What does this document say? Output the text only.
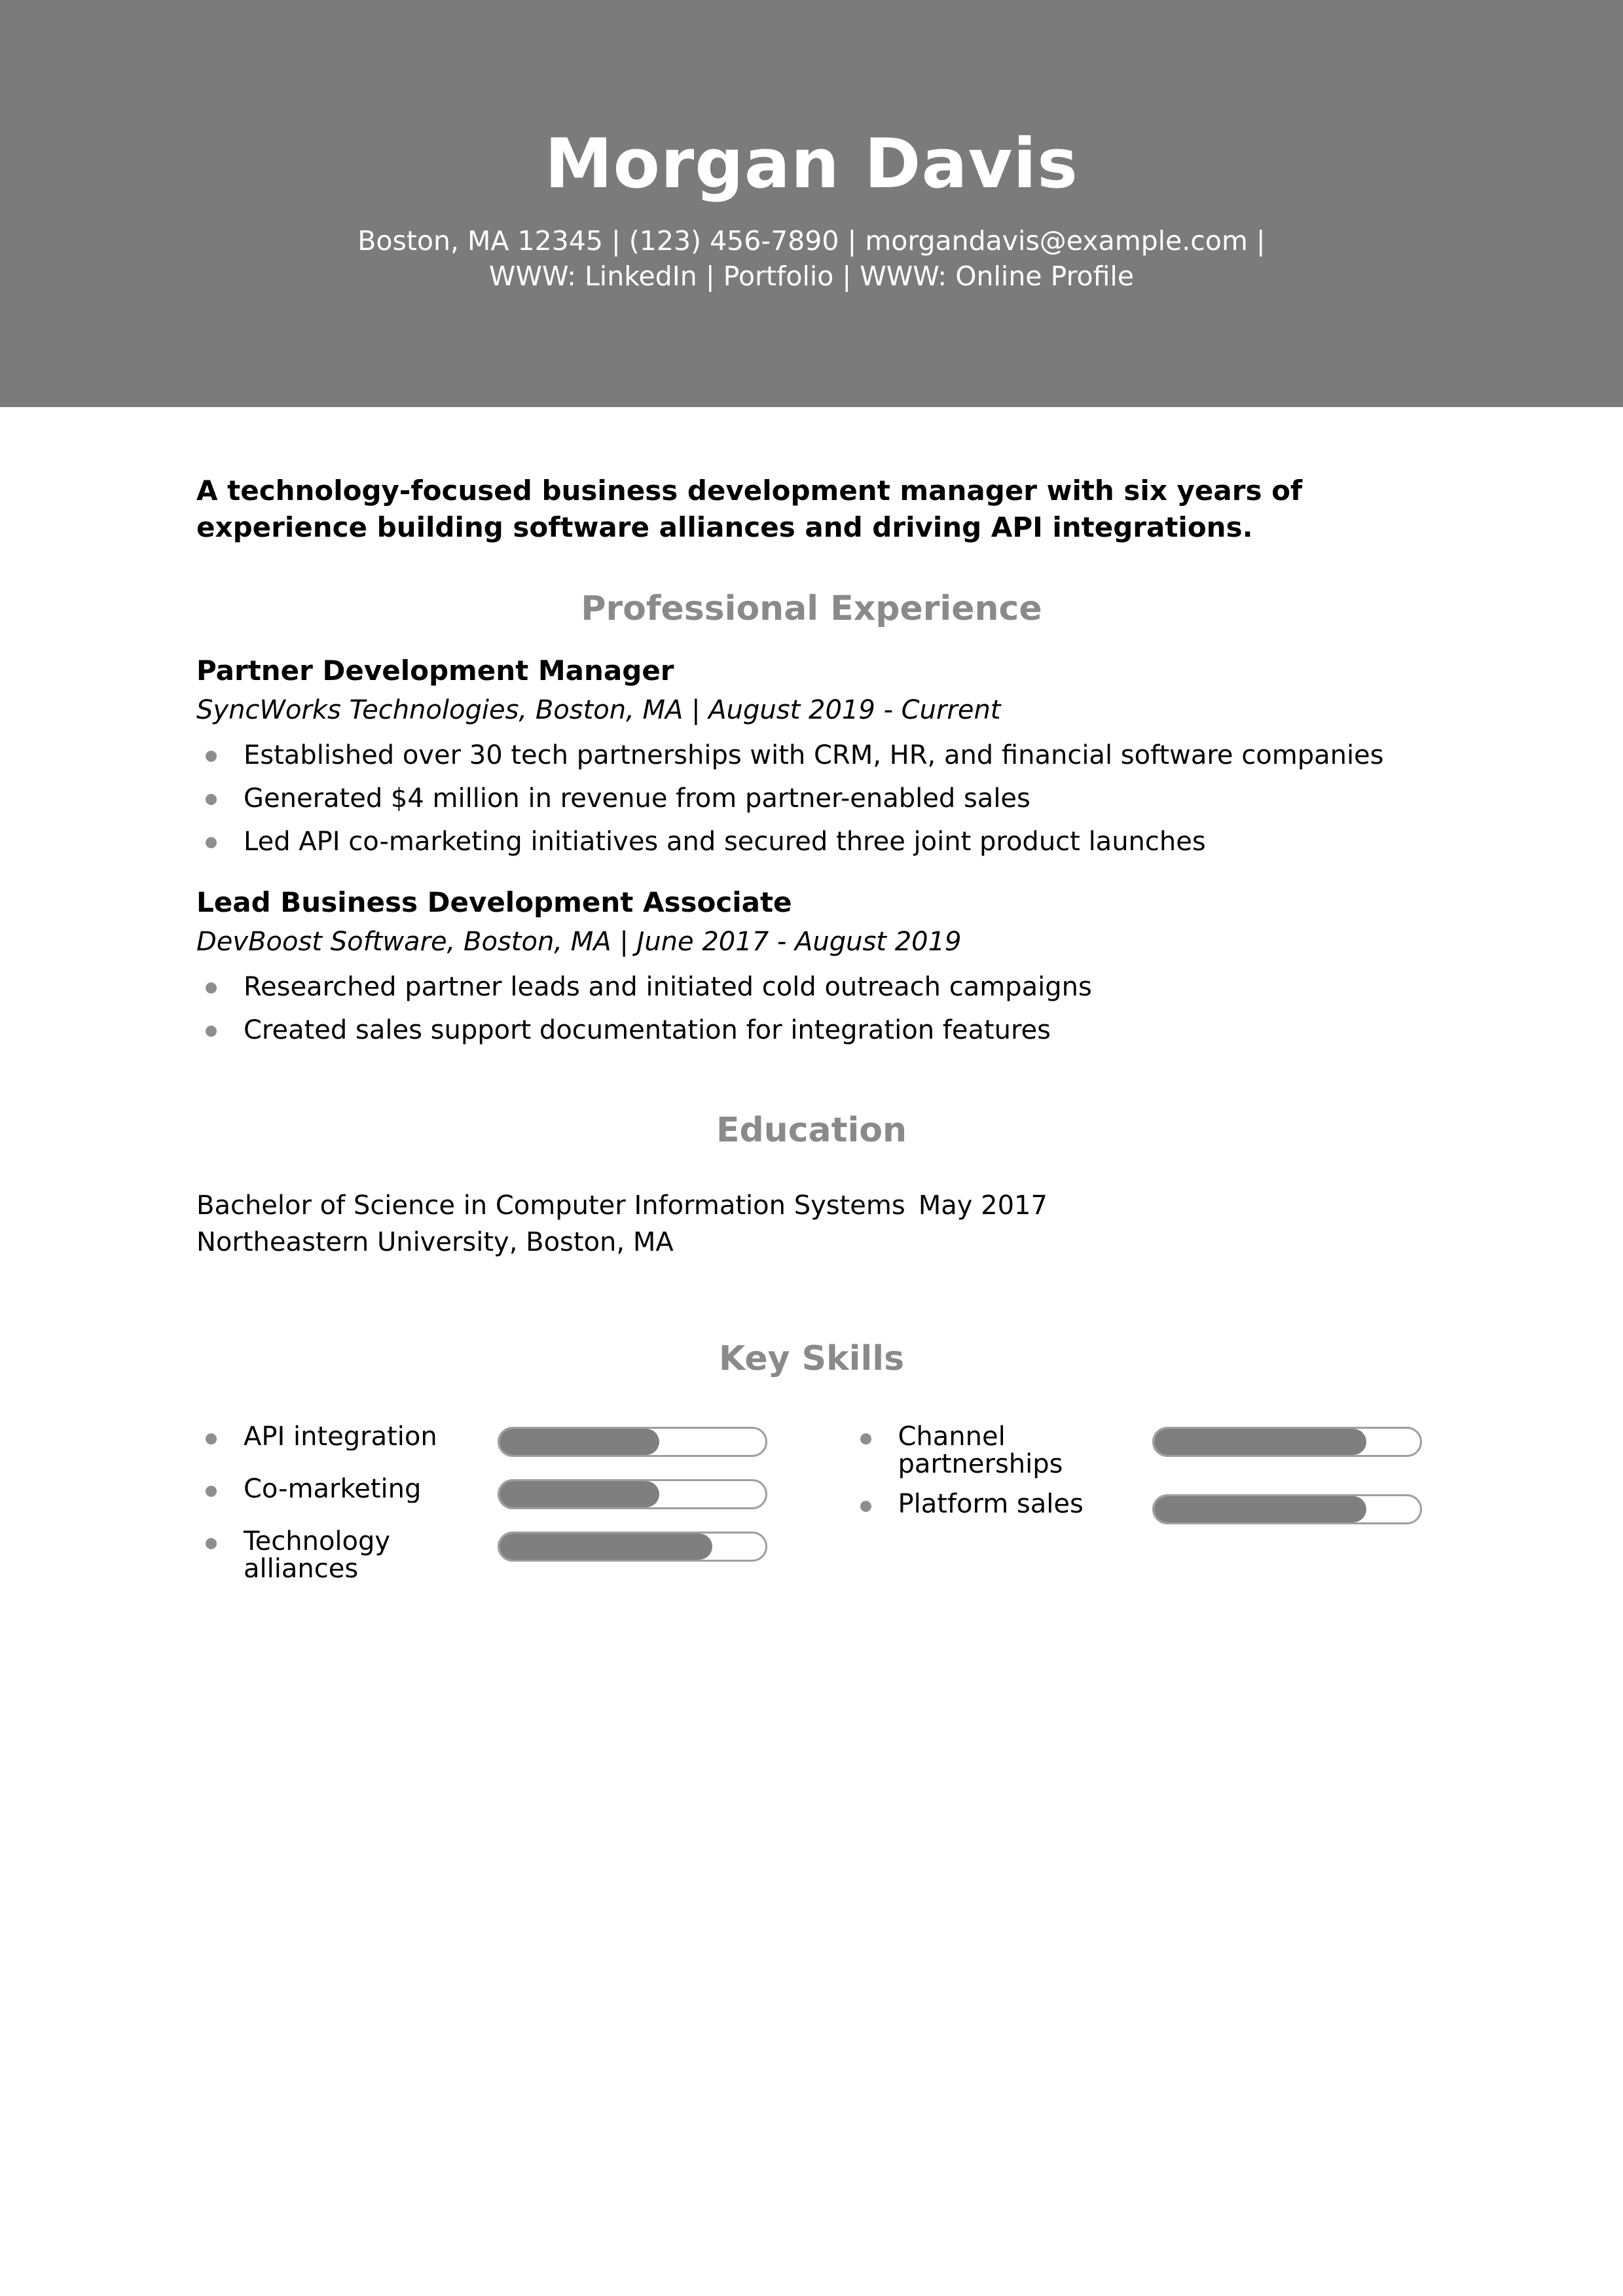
Morgan Davis
Boston, MA 12345 | (123) 456-7890 | morgandavis@example.com |
WWW: LinkedIn | Portfolio | WWW: Online Profile
A technology-focused business development manager with six years of experience building software alliances and driving API integrations.
Professional Experience
Partner Development Manager
SyncWorks Technologies, Boston, MA | August 2019 - Current
Established over 30 tech partnerships with CRM, HR, and financial software companies
Generated $4 million in revenue from partner-enabled sales
Led API co-marketing initiatives and secured three joint product launches
Lead Business Development Associate
DevBoost Software, Boston, MA | June 2017 - August 2019
Researched partner leads and initiated cold outreach campaigns
Created sales support documentation for integration features
Education
Bachelor of Science in Computer Information Systems May 2017
Northeastern University, Boston, MA
Key Skills
API integration
Co-marketing
Technology alliances
Channel partnerships
Platform sales
